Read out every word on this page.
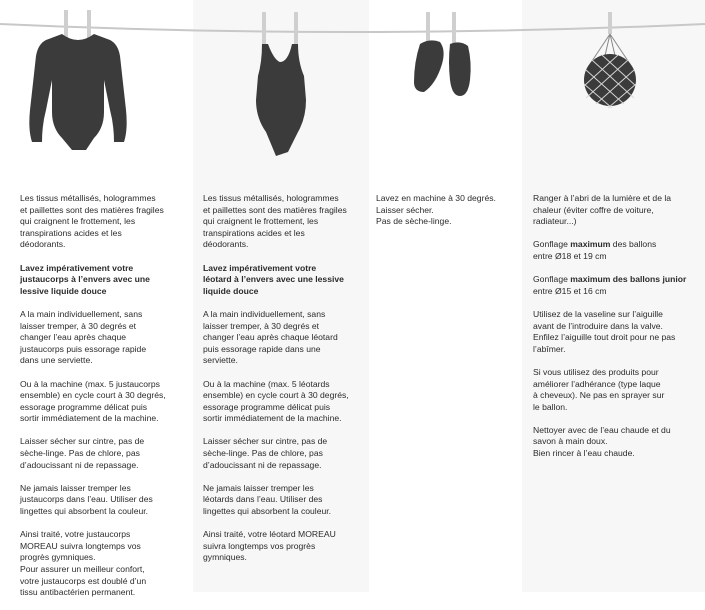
Les tissus métallisés, hologrammes
et paillettes sont des matières fragiles
qui craignent le frottement, les
transpirations acides et les
déodorants.

Lavez impérativement votre
justaucorps à l’envers avec une
lessive liquide douce

A la main individuellement, sans
laisser tremper, à 30 degrés et
changer l’eau après chaque
justaucorps puis essorage rapide
dans une serviette.

Ou à la machine (max. 5 justaucorps
ensemble) en cycle court à 30 degrés,
essorage programme délicat puis
sortir immédiatement de la machine.

Laisser sécher sur cintre, pas de
sèche-linge. Pas de chlore, pas
d’adoucissant ni de repassage.

Ne jamais laisser tremper les
justaucorps dans l’eau. Utiliser des
lingettes qui absorbent la couleur.

Ainsi traité, votre justaucorps
MOREAU suivra longtemps vos
progrès gymniques.
Pour assurer un meilleur confort,
votre justaucorps est doublé d’un
tissu antibactérien permanent.

Les tissus métallisés, hologrammes
et paillettes sont des matières fragiles
qui craignent le frottement, les
transpirations acides et les
déodorants.

Lavez impérativement votre
léotard à l’envers avec une lessive
liquide douce

A la main individuellement, sans
laisser tremper, à 30 degrés et
changer l’eau après chaque léotard
puis essorage rapide dans une
serviette.

Ou à la machine (max. 5 léotards
ensemble) en cycle court à 30 degrés,
essorage programme délicat puis
sortir immédiatement de la machine.

Laisser sécher sur cintre, pas de
sèche-linge. Pas de chlore, pas
d’adoucissant ni de repassage.

Ne jamais laisser tremper les
léotards dans l’eau. Utiliser des
lingettes qui absorbent la couleur.

Ainsi traité, votre léotard MOREAU
suivra longtemps vos progrès
gymniques.

Lavez en machine à 30 degrés.
Laisser sécher.
Pas de sèche-linge.

Ranger à l’abri de la lumière et de la
chaleur (éviter coffre de voiture,
radiateur...)

Gonflage maximum des ballons
entre Ø18 et 19 cm

Gonflage maximum des ballons junior
entre Ø15 et 16 cm

Utilisez de la vaseline sur l’aiguille
avant de l’introduire dans la valve.
Enfilez l’aiguille tout droit pour ne pas
l’abîmer.

Si vous utilisez des produits pour
améliorer l’adhérance (type laque
à cheveux). Ne pas en sprayer sur
le ballon.

Nettoyer avec de l’eau chaude et du
savon à main doux.
Bien rincer à l’eau chaude.
